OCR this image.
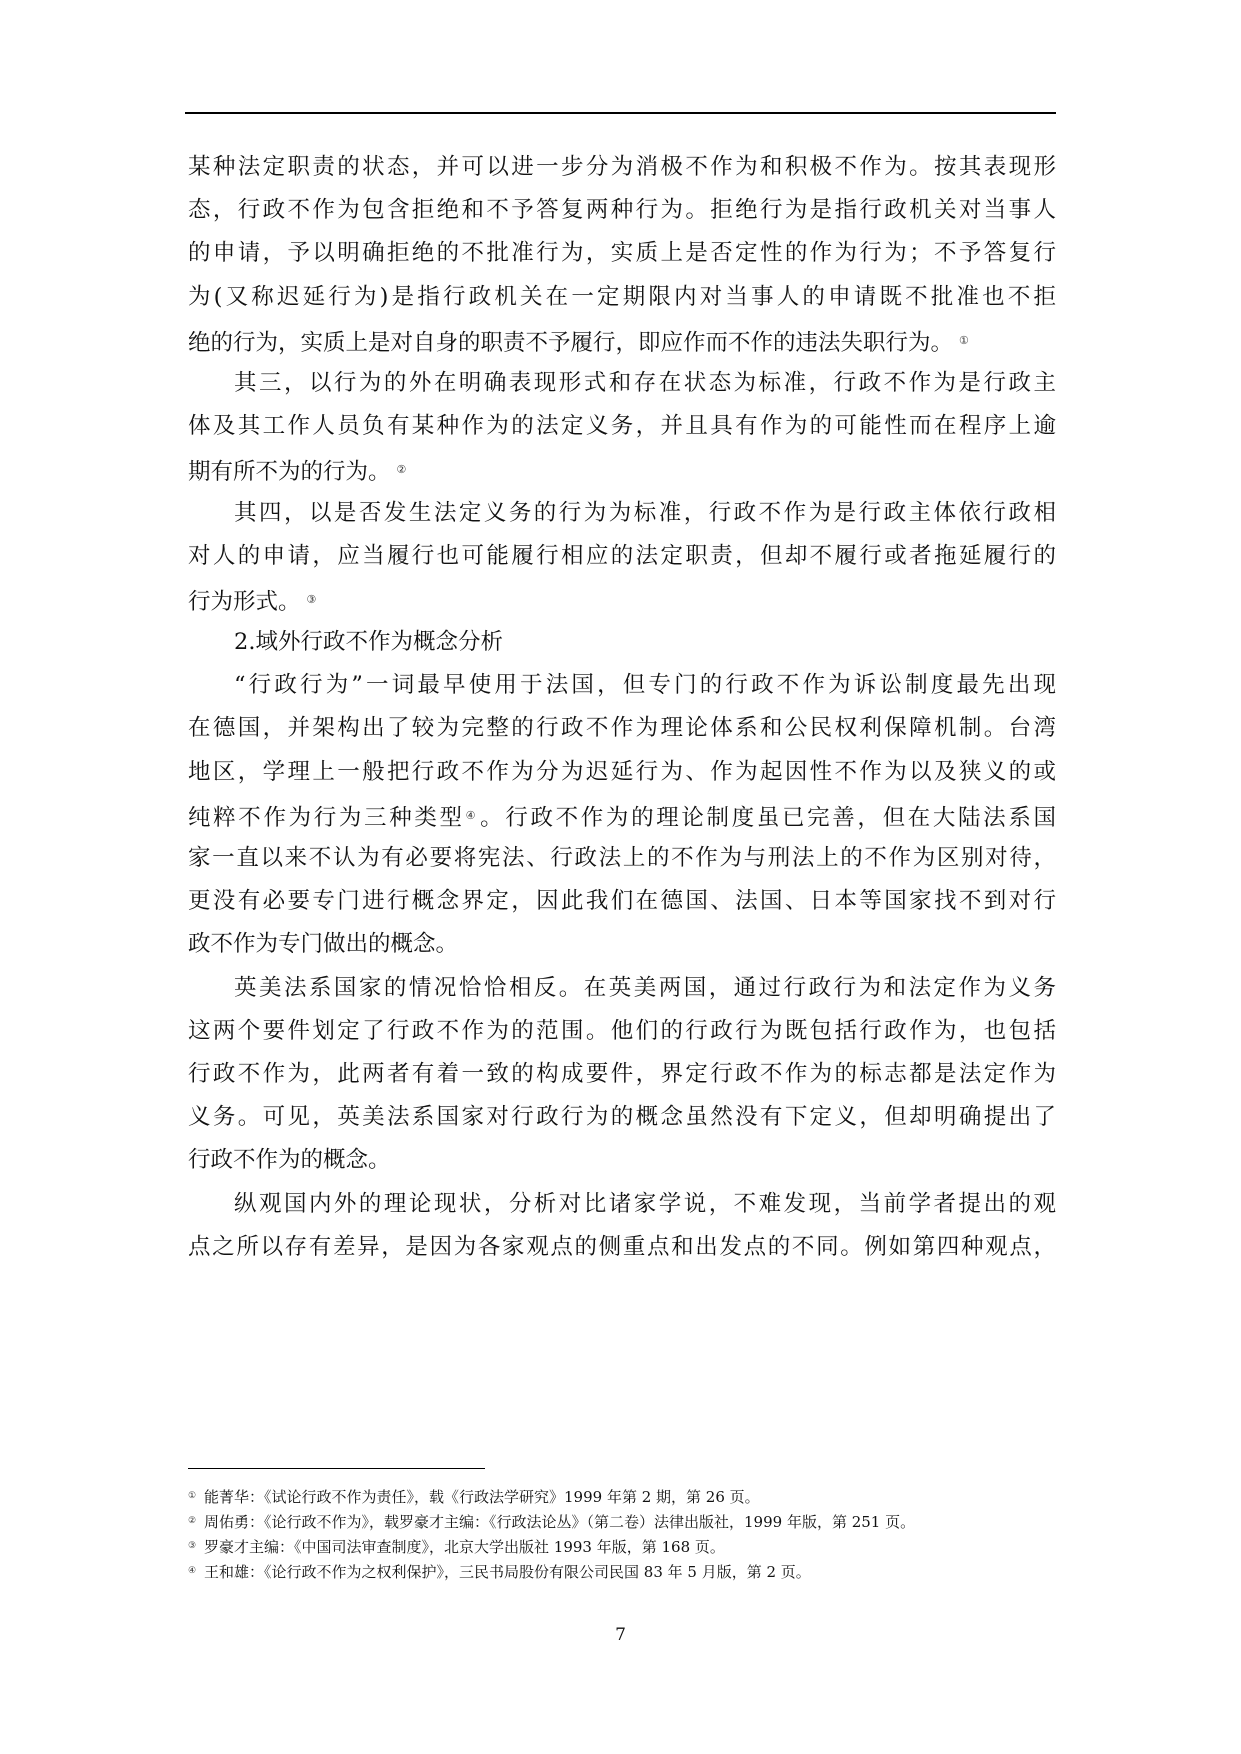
某种法定职责的状态，并可以进一步分为消极不作为和积极不作为。按其表现形
态，行政不作为包含拒绝和不予答复两种行为。拒绝行为是指行政机关对当事人
的申请，予以明确拒绝的不批准行为，实质上是否定性的作为行为；不予答复行
为(又称迟延行为)是指行政机关在一定期限内对当事人的申请既不批准也不拒
绝的行为，实质上是对自身的职责不予履行，即应作而不作的违法失职行为。 ①
其三，以行为的外在明确表现形式和存在状态为标准，行政不作为是行政主
体及其工作人员负有某种作为的法定义务，并且具有作为的可能性而在程序上逾
期有所不为的行为。 ②
其四，以是否发生法定义务的行为为标准，行政不作为是行政主体依行政相
对人的申请，应当履行也可能履行相应的法定职责，但却不履行或者拖延履行的
行为形式。 ③
2.域外行政不作为概念分析
“行政行为”一词最早使用于法国，但专门的行政不作为诉讼制度最先出现
在德国，并架构出了较为完整的行政不作为理论体系和公民权利保障机制。台湾
地区，学理上一般把行政不作为分为迟延行为、作为起因性不作为以及狭义的或
纯粹不作为行为三种类型④。行政不作为的理论制度虽已完善，但在大陆法系国
家一直以来不认为有必要将宪法、行政法上的不作为与刑法上的不作为区别对待，
更没有必要专门进行概念界定，因此我们在德国、法国、日本等国家找不到对行
政不作为专门做出的概念。
英美法系国家的情况恰恰相反。在英美两国，通过行政行为和法定作为义务
这两个要件划定了行政不作为的范围。他们的行政行为既包括行政作为，也包括
行政不作为，此两者有着一致的构成要件，界定行政不作为的标志都是法定作为
义务。可见，英美法系国家对行政行为的概念虽然没有下定义，但却明确提出了
行政不作为的概念。
纵观国内外的理论现状，分析对比诸家学说，不难发现，当前学者提出的观
点之所以存有差异，是因为各家观点的侧重点和出发点的不同。例如第四种观点，
① 能菁华：《试论行政不作为责任》，载《行政法学研究》1999 年第 2 期，第 26 页。
② 周佑勇：《论行政不作为》，载罗豪才主编：《行政法论丛》（第二卷）法律出版社，1999 年版，第 251 页。
③ 罗豪才主编：《中国司法审查制度》，北京大学出版社 1993 年版，第 168 页。
④ 王和雄：《论行政不作为之权利保护》，三民书局股份有限公司民国 83 年 5 月版，第 2 页。
7
